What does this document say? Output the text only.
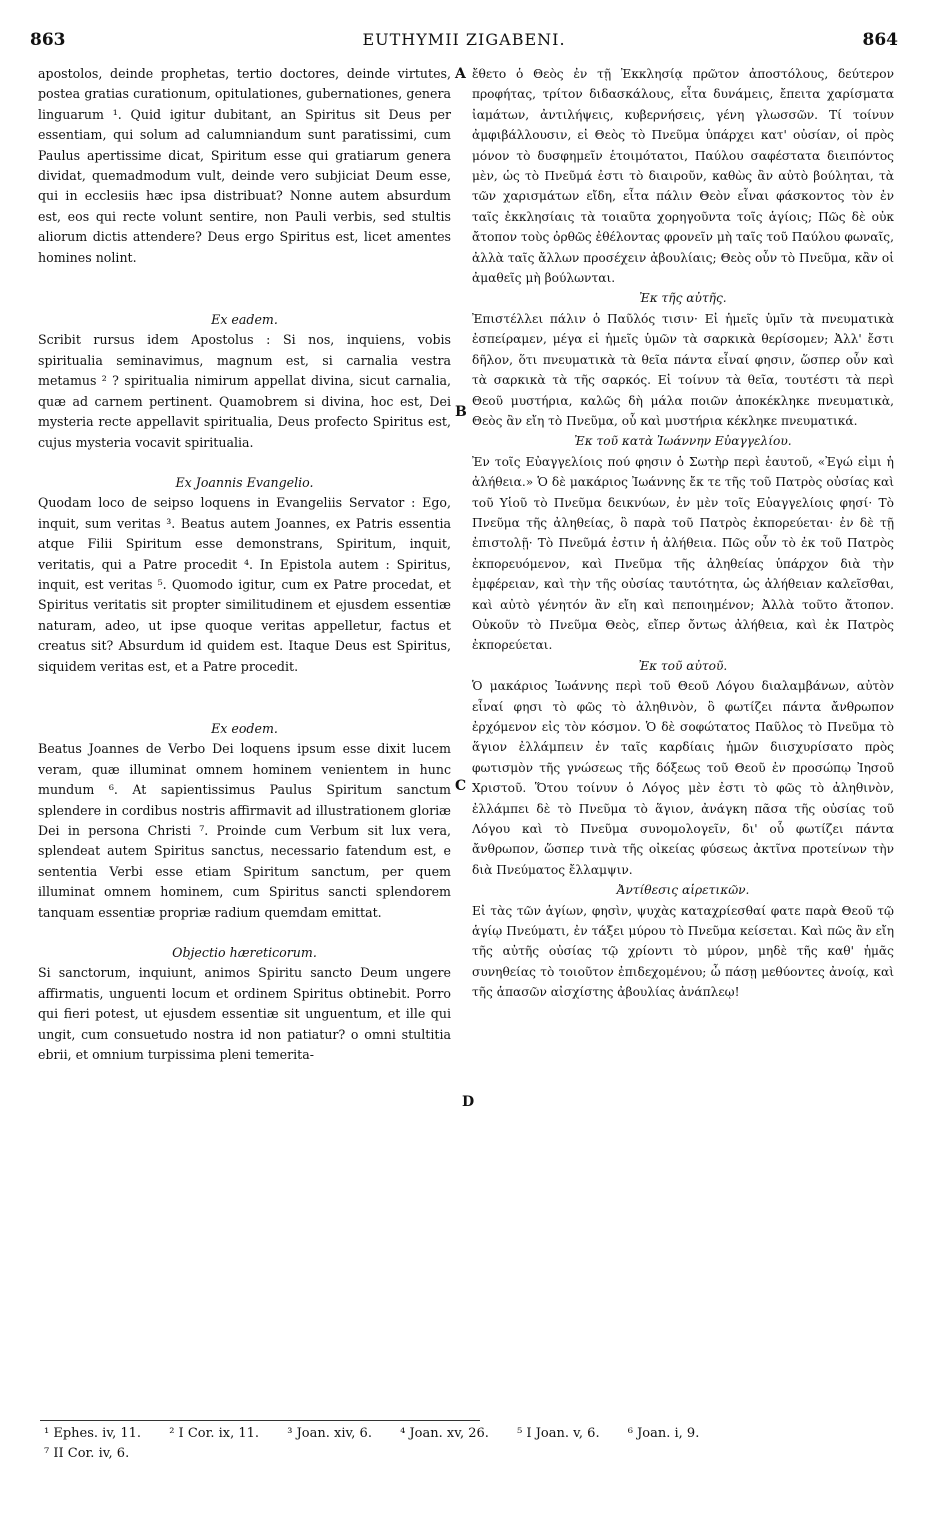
863	EUTHYMII ZIGABENI.	864
A
B
C
D

apostolos, deinde prophetas, tertio doctores, deinde virtutes, postea gratias curationum, opitulationes, gubernationes, genera linguarum ¹. Quid igitur dubitant, an Spiritus sit Deus per essentiam, qui solum ad calumniandum sunt paratissimi, cum Paulus apertissime dicat, Spiritum esse qui gratiarum genera dividat, quemadmodum vult, deinde vero subjiciat Deum esse, qui in ecclesiis hæc ipsa distribuat? Nonne autem absurdum est, eos qui recte volunt sentire, non Pauli verbis, sed stultis aliorum dictis attendere? Deus ergo Spiritus est, licet amentes homines nolint.

Ex eadem.

Scribit rursus idem Apostolus : Si nos, inquiens, vobis spiritualia seminavimus, magnum est, si carnalia vestra metamus ² ? spiritualia nimirum appellat divina, sicut carnalia, quæ ad carnem pertinent. Quamobrem si divina, hoc est, Dei mysteria recte appellavit spiritualia, Deus profecto Spiritus est, cujus mysteria vocavit spiritualia.

Ex Joannis Evangelio.

Quodam loco de seipso loquens in Evangeliis Servator : Ego, inquit, sum veritas ³. Beatus autem Joannes, ex Patris essentia atque Filii Spiritum esse demonstrans, Spiritum, inquit, veritatis, qui a Patre procedit ⁴. In Epistola autem : Spiritus, inquit, est veritas ⁵. Quomodo igitur, cum ex Patre procedat, et Spiritus veritatis sit propter similitudinem et ejusdem essentiæ naturam, adeo, ut ipse quoque veritas appelletur, factus et creatus sit? Absurdum id quidem est. Itaque Deus est Spiritus, siquidem veritas est, et a Patre procedit.

Ex eodem.

Beatus Joannes de Verbo Dei loquens ipsum esse dixit lucem veram, quæ illuminat omnem hominem venientem in hunc mundum ⁶. At sapientissimus Paulus Spiritum sanctum splendere in cordibus nostris affirmavit ad illustrationem gloriæ Dei in persona Christi ⁷. Proinde cum Verbum sit lux vera, splendeat autem Spiritus sanctus, necessario fatendum est, e sententia Verbi esse etiam Spiritum sanctum, per quem illuminat omnem hominem, cum Spiritus sancti splendorem tanquam essentiæ propriæ radium quemdam emittat.

Objectio hæreticorum.

Si sanctorum, inquiunt, animos Spiritu sancto Deum ungere affirmatis, unguenti locum et ordinem Spiritus obtinebit. Porro qui fieri potest, ut ejusdem essentiæ sit unguentum, et ille qui ungit, cum consuetudo nostra id non patiatur? o omni stultitia ebrii, et omnium turpissima pleni temerita-

ἔθετο ὁ Θεὸς ἐν τῇ Ἐκκλησίᾳ πρῶτον ἀποστόλους, δεύτερον προφήτας, τρίτον διδασκάλους, εἶτα δυνάμεις, ἔπειτα χαρίσματα ἰαμάτων, ἀντιλήψεις, κυβερνήσεις, γένη γλωσσῶν. Τί τοίνυν ἀμφιβάλλουσιν, εἰ Θεὸς τὸ Πνεῦμα ὑπάρχει κατ' οὐσίαν, οἱ πρὸς μόνον τὸ δυσφημεῖν ἑτοιμότατοι, Παύλου σαφέστατα διειπόντος μὲν, ὡς τὸ Πνεῦμά ἐστι τὸ διαιροῦν, καθὼς ἂν αὐτὸ βούληται, τὰ τῶν χαρισμάτων εἴδη, εἶτα πάλιν Θεὸν εἶναι φάσκοντος τὸν ἐν ταῖς ἐκκλησίαις τὰ τοιαῦτα χορηγοῦντα τοῖς ἁγίοις; Πῶς δὲ οὐκ ἄτοπον τοὺς ὀρθῶς ἐθέλοντας φρονεῖν μὴ ταῖς τοῦ Παύλου φωναῖς, ἀλλὰ ταῖς ἄλλων προσέχειν ἀβουλίαις; Θεὸς οὖν τὸ Πνεῦμα, κἂν οἱ ἀμαθεῖς μὴ βούλωνται.

Ἐκ τῆς αὐτῆς.

Ἐπιστέλλει πάλιν ὁ Παῦλός τισιν· Εἰ ἡμεῖς ὑμῖν τὰ πνευματικὰ ἐσπείραμεν, μέγα εἰ ἡμεῖς ὑμῶν τὰ σαρκικὰ θερίσομεν; Ἀλλ' ἔστι δῆλον, ὅτι πνευματικὰ τὰ θεῖα πάντα εἶναί φησιν, ὥσπερ οὖν καὶ τὰ σαρκικὰ τὰ τῆς σαρκός. Εἰ τοίνυν τὰ θεῖα, τουτέστι τὰ περὶ Θεοῦ μυστήρια, καλῶς δὴ μάλα ποιῶν ἀποκέκληκε πνευματικὰ, Θεὸς ἂν εἴη τὸ Πνεῦμα, οὗ καὶ μυστήρια κέκληκε πνευματικά.

Ἐκ τοῦ κατὰ Ἰωάννην Εὐαγγελίου.

Ἐν τοῖς Εὐαγγελίοις πού φησιν ὁ Σωτὴρ περὶ ἑαυτοῦ, «Ἐγώ εἰμι ἡ ἀλήθεια.» Ὁ δὲ μακάριος Ἰωάννης ἔκ τε τῆς τοῦ Πατρὸς οὐσίας καὶ τοῦ Υἱοῦ τὸ Πνεῦμα δεικνύων, ἐν μὲν τοῖς Εὐαγγελίοις φησί· Τὸ Πνεῦμα τῆς ἀληθείας, ὃ παρὰ τοῦ Πατρὸς ἐκπορεύεται· ἐν δὲ τῇ ἐπιστολῇ· Τὸ Πνεῦμά ἐστιν ἡ ἀλήθεια. Πῶς οὖν τὸ ἐκ τοῦ Πατρὸς ἐκπορευόμενον, καὶ Πνεῦμα τῆς ἀληθείας ὑπάρχον διὰ τὴν ἐμφέρειαν, καὶ τὴν τῆς οὐσίας ταυτότητα, ὡς ἀλήθειαν καλεῖσθαι, καὶ αὐτὸ γένητόν ἂν εἴη καὶ πεποιημένον; Ἀλλὰ τοῦτο ἄτοπον. Οὐκοῦν τὸ Πνεῦμα Θεὸς, εἴπερ ὄντως ἀλήθεια, καὶ ἐκ Πατρὸς ἐκπορεύεται.

Ἐκ τοῦ αὐτοῦ.

Ὁ μακάριος Ἰωάννης περὶ τοῦ Θεοῦ Λόγου διαλαμβάνων, αὐτὸν εἶναί φησι τὸ φῶς τὸ ἀληθινὸν, ὃ φωτίζει πάντα ἄνθρωπον ἐρχόμενον εἰς τὸν κόσμον. Ὁ δὲ σοφώτατος Παῦλος τὸ Πνεῦμα τὸ ἅγιον ἐλλάμπειν ἐν ταῖς καρδίαις ἡμῶν διισχυρίσατο πρὸς φωτισμὸν τῆς γνώσεως τῆς δόξεως τοῦ Θεοῦ ἐν προσώπῳ Ἰησοῦ Χριστοῦ. Ὅτου τοίνυν ὁ Λόγος μὲν ἐστι τὸ φῶς τὸ ἀληθινὸν, ἐλλάμπει δὲ τὸ Πνεῦμα τὸ ἅγιον, ἀνάγκη πᾶσα τῆς οὐσίας τοῦ Λόγου καὶ τὸ Πνεῦμα συνομολογεῖν, δι' οὗ φωτίζει πάντα ἄνθρωπον, ὥσπερ τινὰ τῆς οἰκείας φύσεως ἀκτῖνα προτείνων τὴν διὰ Πνεύματος ἔλλαμψιν.

Ἀντίθεσις αἱρετικῶν.

Εἰ τὰς τῶν ἁγίων, φησὶν, ψυχὰς καταχρίεσθαί φατε παρὰ Θεοῦ τῷ ἁγίῳ Πνεύματι, ἐν τάξει μύρου τὸ Πνεῦμα κείσεται. Καὶ πῶς ἂν εἴη τῆς αὐτῆς οὐσίας τῷ χρίοντι τὸ μύρον, μηδὲ τῆς καθ' ἡμᾶς συνηθείας τὸ τοιοῦτον ἐπιδεχομένου; ὦ πάσῃ μεθύοντες ἀνοίᾳ, καὶ τῆς ἁπασῶν αἰσχίστης ἀβουλίας ἀνάπλεῳ!

¹ Ephes. iv, 11. ² I Cor. ix, 11. ³ Joan. xiv, 6. ⁴ Joan. xv, 26. ⁵ I Joan. v, 6. ⁶ Joan. i, 9.
⁷ II Cor. iv, 6.
